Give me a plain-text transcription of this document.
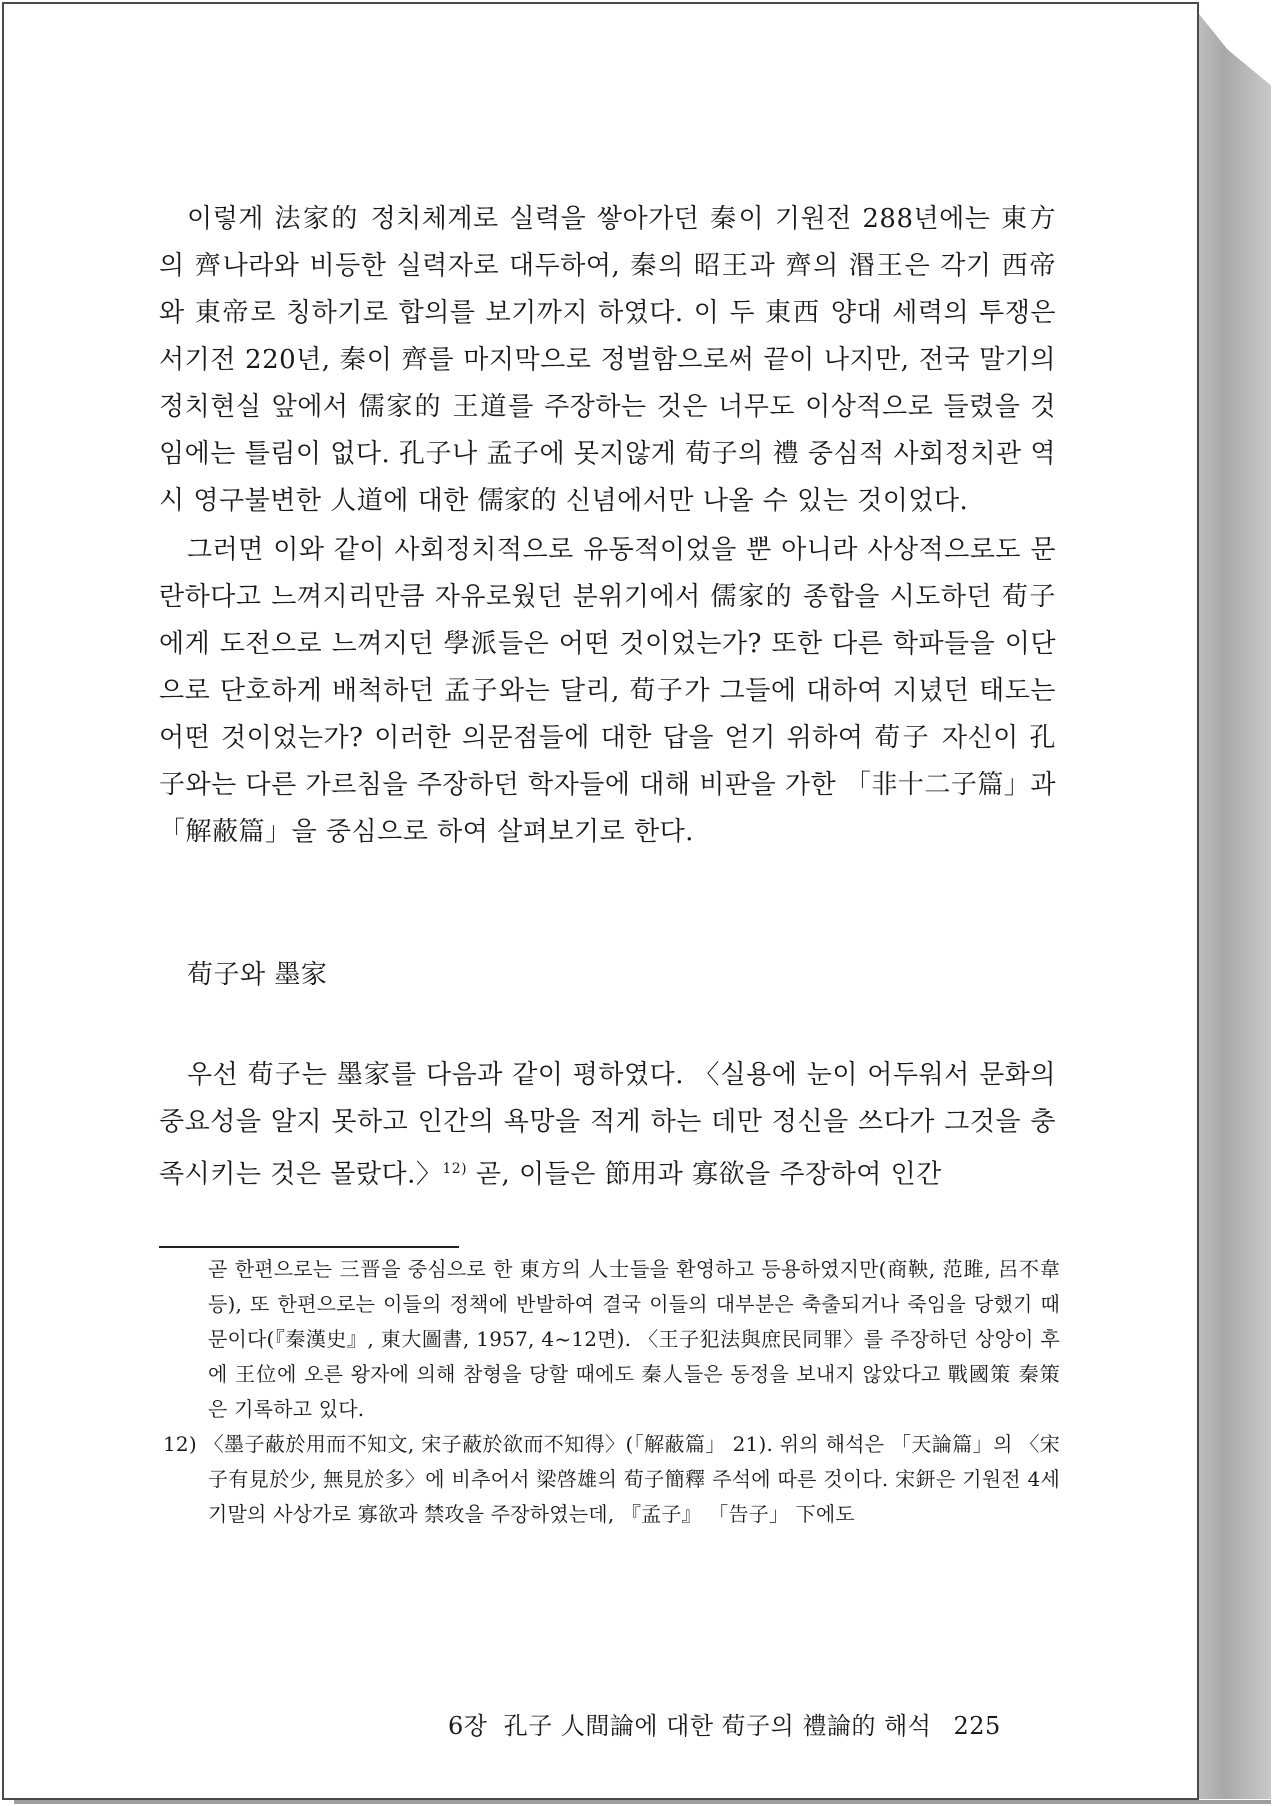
이렇게 法家的 정치체계로 실력을 쌓아가던 秦이 기원전 288년에는 東方의 齊나라와 비등한 실력자로 대두하여, 秦의 昭王과 齊의 湣王은 각기 西帝와 東帝로 칭하기로 합의를 보기까지 하였다. 이 두 東西 양대 세력의 투쟁은 서기전 220년, 秦이 齊를 마지막으로 정벌함으로써 끝이 나지만, 전국 말기의 정치현실 앞에서 儒家的 王道를 주장하는 것은 너무도 이상적으로 들렸을 것임에는 틀림이 없다. 孔子나 孟子에 못지않게 荀子의 禮 중심적 사회정치관 역시 영구불변한 人道에 대한 儒家的 신념에서만 나올 수 있는 것이었다.

그러면 이와 같이 사회정치적으로 유동적이었을 뿐 아니라 사상적으로도 문란하다고 느껴지리만큼 자유로웠던 분위기에서 儒家的 종합을 시도하던 荀子에게 도전으로 느껴지던 學派들은 어떤 것이었는가? 또한 다른 학파들을 이단으로 단호하게 배척하던 孟子와는 달리, 荀子가 그들에 대하여 지녔던 태도는 어떤 것이었는가? 이러한 의문점들에 대한 답을 얻기 위하여 荀子 자신이 孔子와는 다른 가르침을 주장하던 학자들에 대해 비판을 가한 「非十二子篇」과 「解蔽篇」을 중심으로 하여 살펴보기로 한다.

荀子와 墨家

우선 荀子는 墨家를 다음과 같이 평하였다. 〈실용에 눈이 어두워서 문화의 중요성을 알지 못하고 인간의 욕망을 적게 하는 데만 정신을 쓰다가 그것을 충족시키는 것은 몰랐다.〉$^{12)}$ 곧, 이들은 節用과 寡欲을 주장하여 인간

곧 한편으로는 三晋을 중심으로 한 東方의 人士들을 환영하고 등용하였지만(商鞅, 范雎, 呂不韋 등), 또 한편으로는 이들의 정책에 반발하여 결국 이들의 대부분은 축출되거나 죽임을 당했기 때문이다(『秦漢史』, 東大圖書, 1957, 4~12면). 〈王子犯法與庶民同罪〉를 주장하던 상앙이 후에 王位에 오른 왕자에 의해 참형을 당할 때에도 秦人들은 동정을 보내지 않았다고 戰國策 秦策은 기록하고 있다.

12) 〈墨子蔽於用而不知文, 宋子蔽於欲而不知得〉(「解蔽篇」 21). 위의 해석은 「天論篇」의 〈宋子有見於少, 無見於多〉에 비추어서 梁啓雄의 荀子簡釋 주석에 따른 것이다. 宋鈃은 기원전 4세기말의 사상가로 寡欲과 禁攻을 주장하였는데, 『孟子』 「告子」 下에도

6장  孔子 人間論에 대한 荀子의 禮論的 해석 225
